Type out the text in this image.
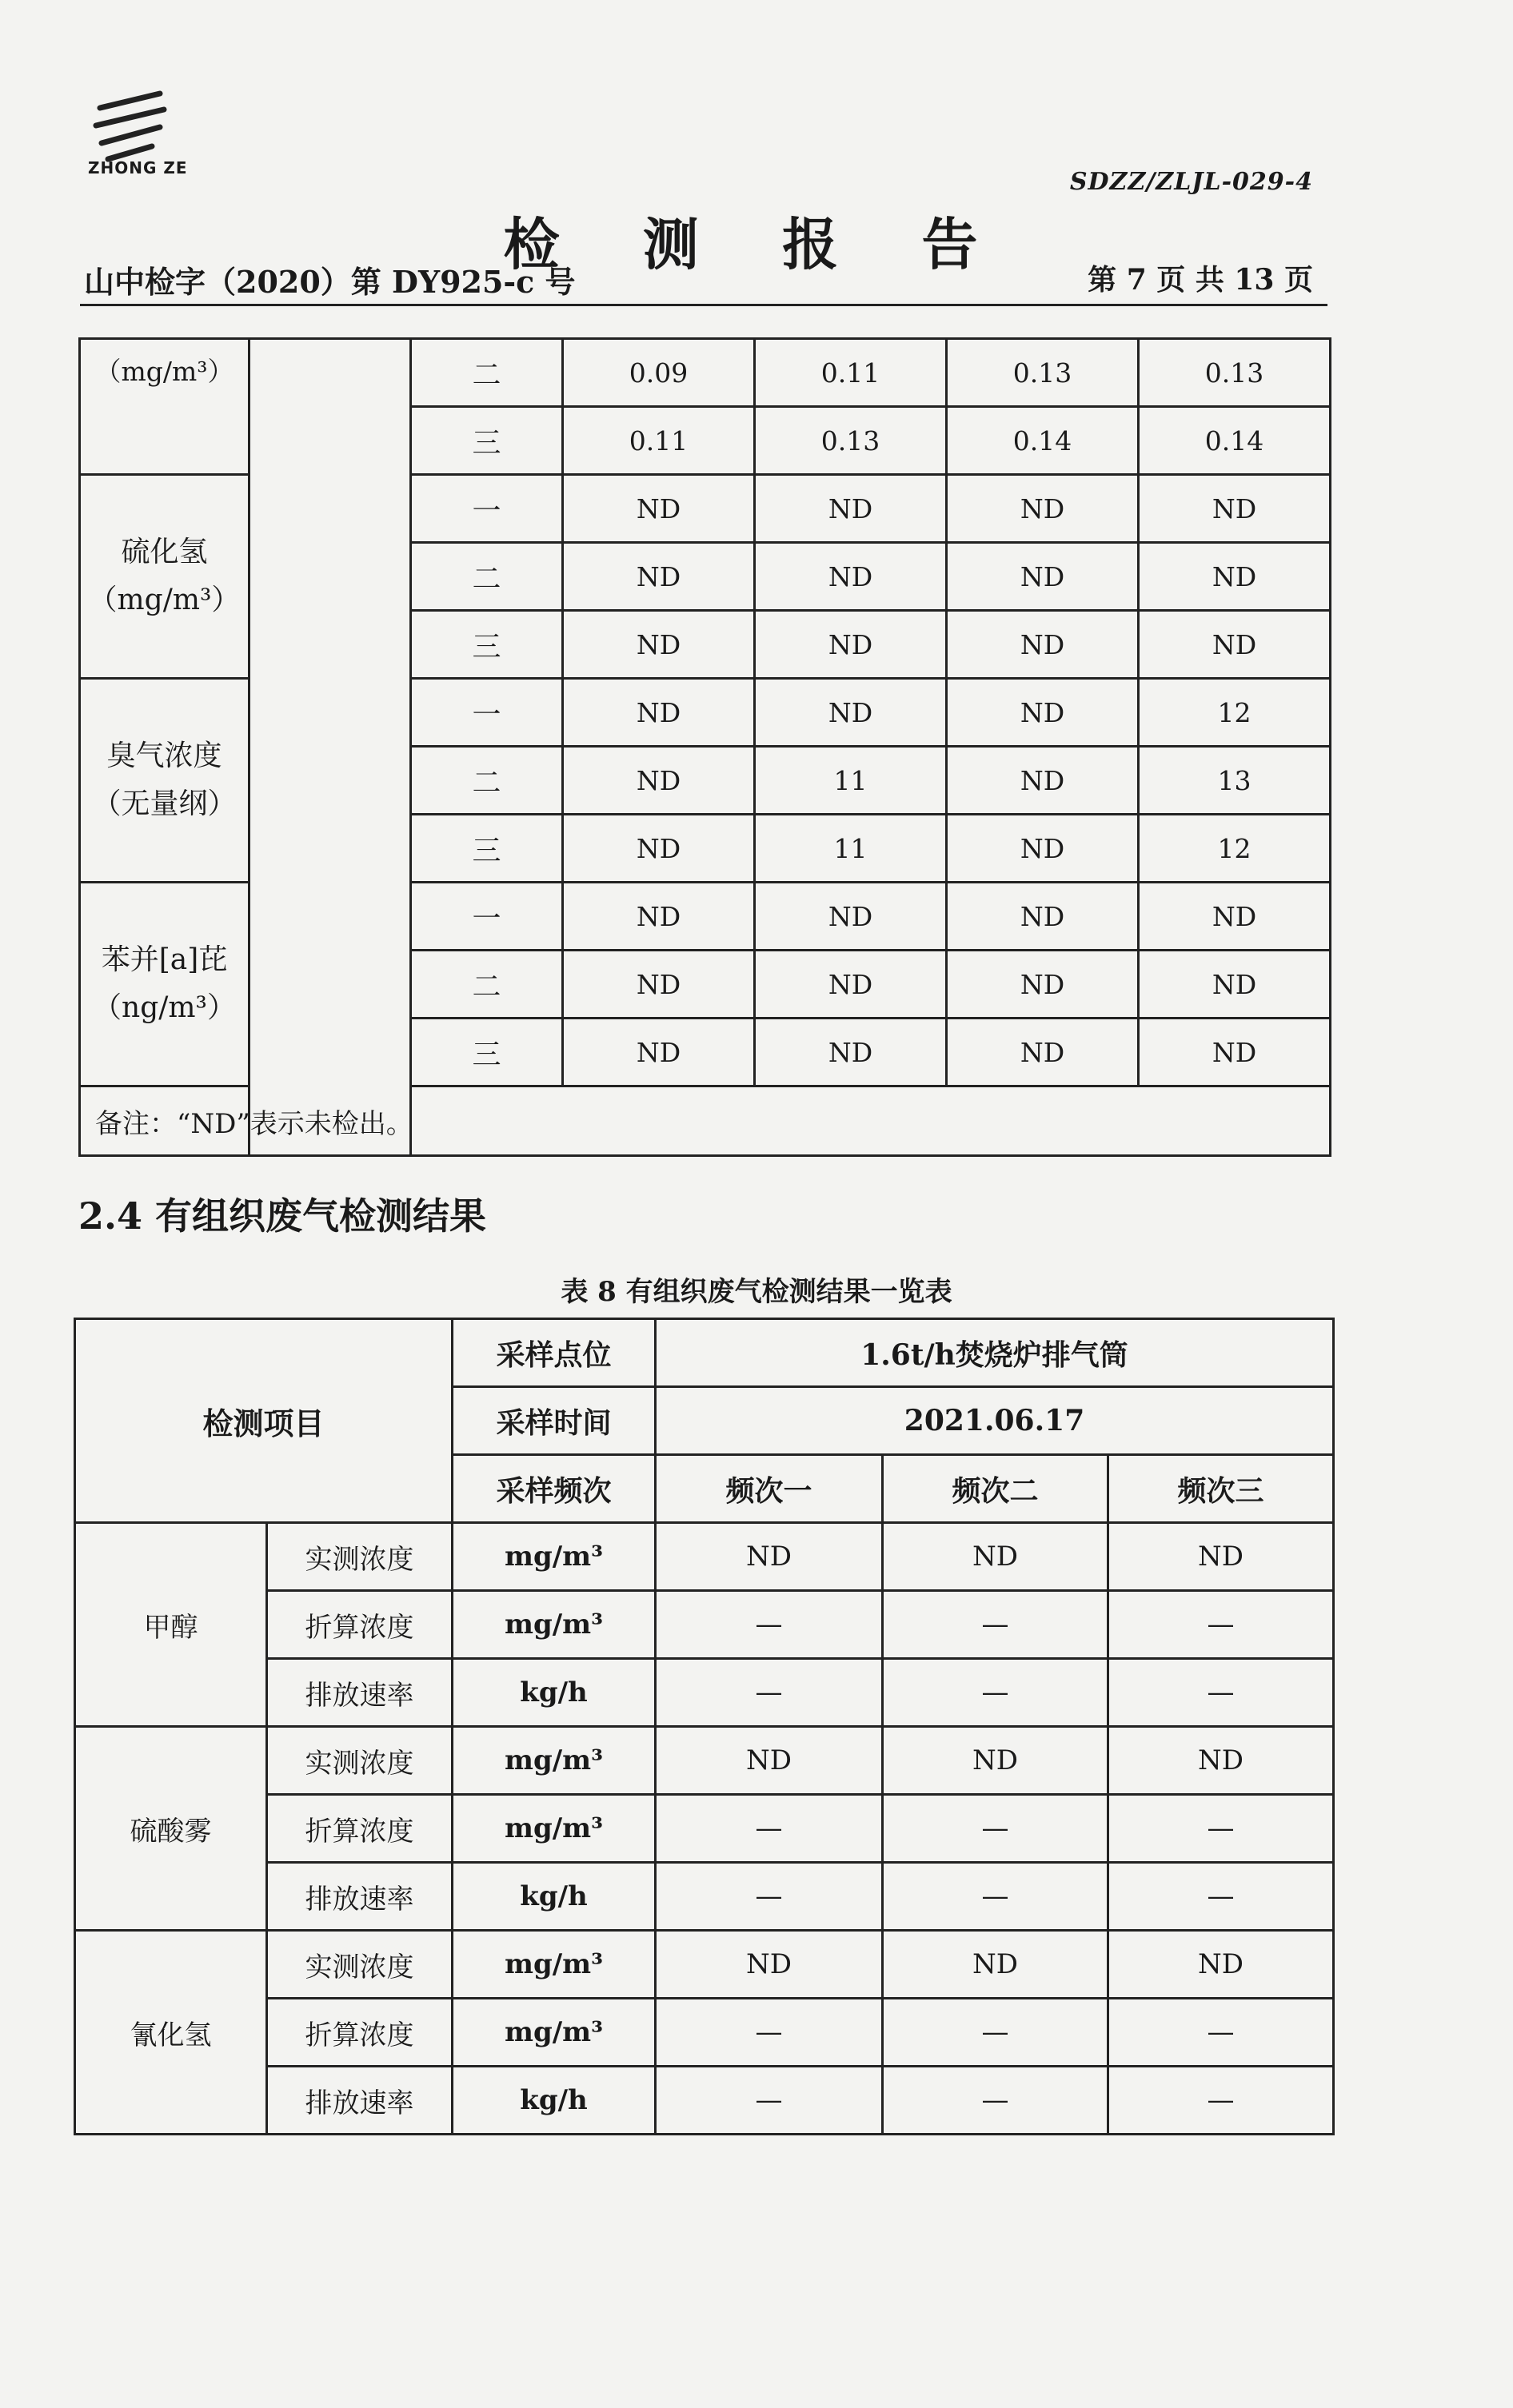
ZHONG ZE	SDZZ/ZLJL-029-4
检 测 报 告
山中检字（2020）第 DY925-c 号	第 7 页 共 13 页
（mg/m³）		二	0.09	0.11	0.13	0.13
		三	0.11	0.13	0.14	0.14

硫化氢
（mg/m³）		一	ND	ND	ND	ND
		二	ND	ND	ND	ND
		三	ND	ND	ND	ND

臭气浓度
（无量纲）		一	ND	ND	ND	12
		二	ND	11	ND	13
		三	ND	11	ND	12

苯并[a]芘
（ng/m³）		一	ND	ND	ND	ND
		二	ND	ND	ND	ND
		三	ND	ND	ND	ND
备注：“ND”表示未检出。						
2.4 有组织废气检测结果
表 8 有组织废气检测结果一览表
检测项目		采样点位	1.6t/h焚烧炉排气筒		
		采样时间	2021.06.17		
		采样频次	频次一	频次二	频次三
甲醇	实测浓度	mg/m³	ND	ND	ND
	折算浓度	mg/m³	—	—	—
	排放速率	kg/h	—	—	—
硫酸雾	实测浓度	mg/m³	ND	ND	ND
	折算浓度	mg/m³	—	—	—
	排放速率	kg/h	—	—	—
氰化氢	实测浓度	mg/m³	ND	ND	ND
	折算浓度	mg/m³	—	—	—
	排放速率	kg/h	—	—	—
